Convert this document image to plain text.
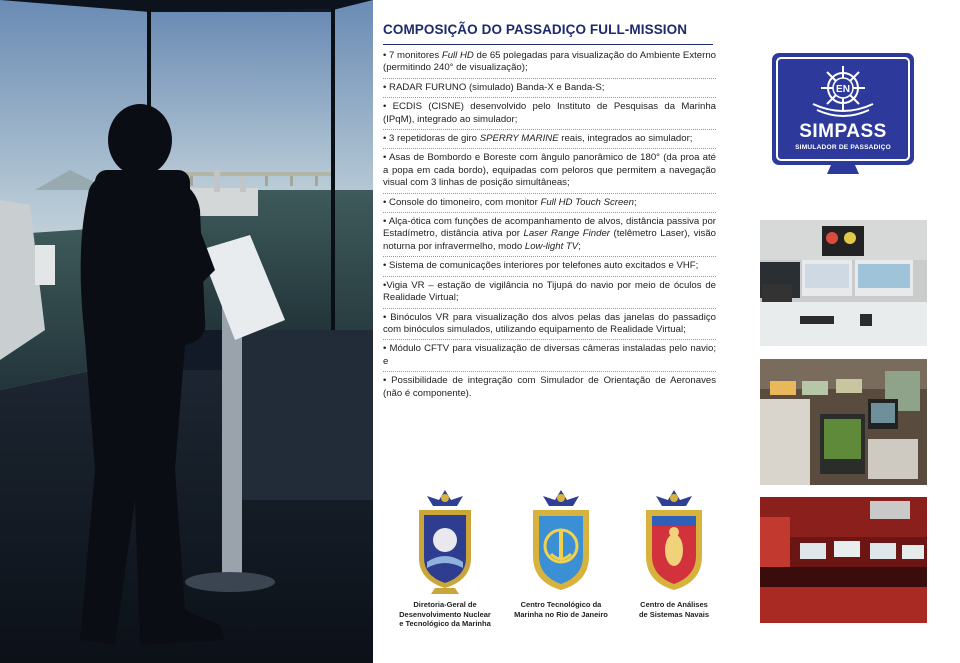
COMPOSIÇÃO DO PASSADIÇO FULL-MISSION
• 7 monitores Full HD de 65 polegadas para visualização do Ambiente Externo (permitindo 240° de visualização);
• RADAR FURUNO (simulado) Banda-X e Banda-S;
• ECDIS (CISNE) desenvolvido pelo Instituto de Pesquisas da Marinha (IPqM), integrado ao simulador;
• 3 repetidoras de giro SPERRY MARINE reais, integrados ao simulador;
• Asas de Bombordo e Boreste com ângulo panorâmico de 180° (da proa até a popa em cada bordo), equipadas com peloros que permitem a navegação visual com 3 linhas de posição simultâneas;
• Console do timoneiro, com monitor Full HD Touch Screen;
• Alça-ótica com funções de acompanhamento de alvos, distância passiva por Estadímetro, distância ativa por Laser Range Finder (telêmetro Laser), visão noturna por infravermelho, modo Low-light TV;
• Sistema de comunicações interiores por telefones auto excitados e VHF;
•Vigia VR – estação de vigilância no Tijupá do navio por meio de óculos de Realidade Virtual;
• Binóculos VR para visualização dos alvos pelas das janelas do passadiço com binóculos simulados, utilizando equipamento de Realidade Virtual;
• Módulo CFTV para visualização de diversas câmeras instaladas pelo navio; e
• Possibilidade de integração com Simulador de Orientação de Aeronaves (não é componente).
Diretoria-Geral de
Desenvolvimento Nuclear
e Tecnológico da Marinha
Centro Tecnológico da
Marinha no Rio de Janeiro
Centro de Análises
de Sistemas Navais
EN
SIMPASS
SIMULADOR DE PASSADIÇO
